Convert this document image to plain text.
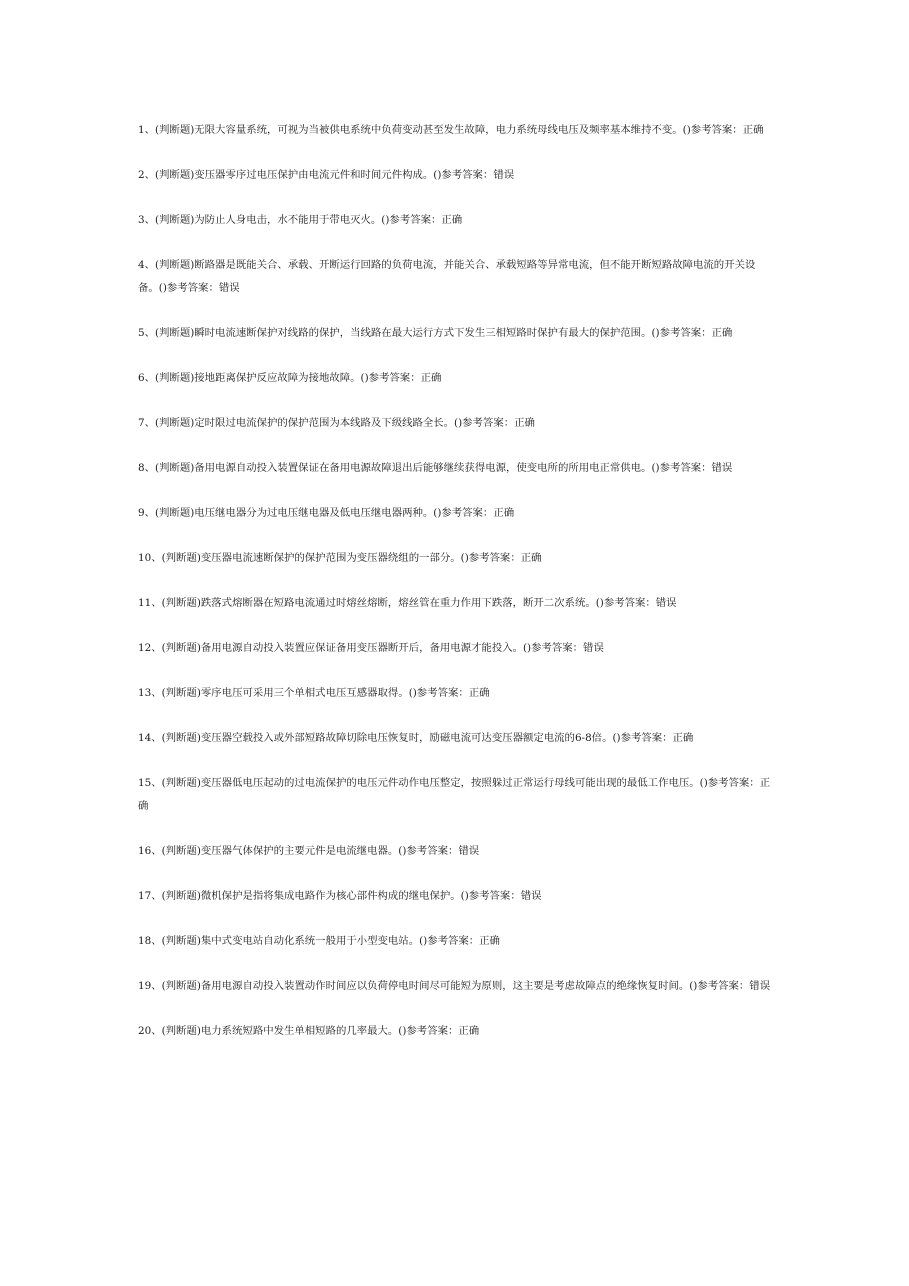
1、(判断题)无限大容量系统，可视为当被供电系统中负荷变动甚至发生故障，电力系统母线电压及频率基本维持不变。()参考答案：正确
2、(判断题)变压器零序过电压保护由电流元件和时间元件构成。()参考答案：错误
3、(判断题)为防止人身电击，水不能用于带电灭火。()参考答案：正确
4、(判断题)断路器是既能关合、承载、开断运行回路的负荷电流，并能关合、承载短路等异常电流，但不能开断短路故障电流的开关设备。()参考答案：错误
5、(判断题)瞬时电流速断保护对线路的保护，当线路在最大运行方式下发生三相短路时保护有最大的保护范围。()参考答案：正确
6、(判断题)接地距离保护反应故障为接地故障。()参考答案：正确
7、(判断题)定时限过电流保护的保护范围为本线路及下级线路全长。()参考答案：正确
8、(判断题)备用电源自动投入装置保证在备用电源故障退出后能够继续获得电源，使变电所的所用电正常供电。()参考答案：错误
9、(判断题)电压继电器分为过电压继电器及低电压继电器两种。()参考答案：正确
10、(判断题)变压器电流速断保护的保护范围为变压器绕组的一部分。()参考答案：正确
11、(判断题)跌落式熔断器在短路电流通过时熔丝熔断，熔丝管在重力作用下跌落，断开二次系统。()参考答案：错误
12、(判断题)备用电源自动投入装置应保证备用变压器断开后，备用电源才能投入。()参考答案：错误
13、(判断题)零序电压可采用三个单相式电压互感器取得。()参考答案：正确
14、(判断题)变压器空载投入或外部短路故障切除电压恢复时，励磁电流可达变压器额定电流的6-8倍。()参考答案：正确
15、(判断题)变压器低电压起动的过电流保护的电压元件动作电压整定，按照躲过正常运行母线可能出现的最低工作电压。()参考答案：正确
16、(判断题)变压器气体保护的主要元件是电流继电器。()参考答案：错误
17、(判断题)微机保护是指将集成电路作为核心部件构成的继电保护。()参考答案：错误
18、(判断题)集中式变电站自动化系统一般用于小型变电站。()参考答案：正确
19、(判断题)备用电源自动投入装置动作时间应以负荷停电时间尽可能短为原则，这主要是考虑故障点的绝缘恢复时间。()参考答案：错误
20、(判断题)电力系统短路中发生单相短路的几率最大。()参考答案：正确
